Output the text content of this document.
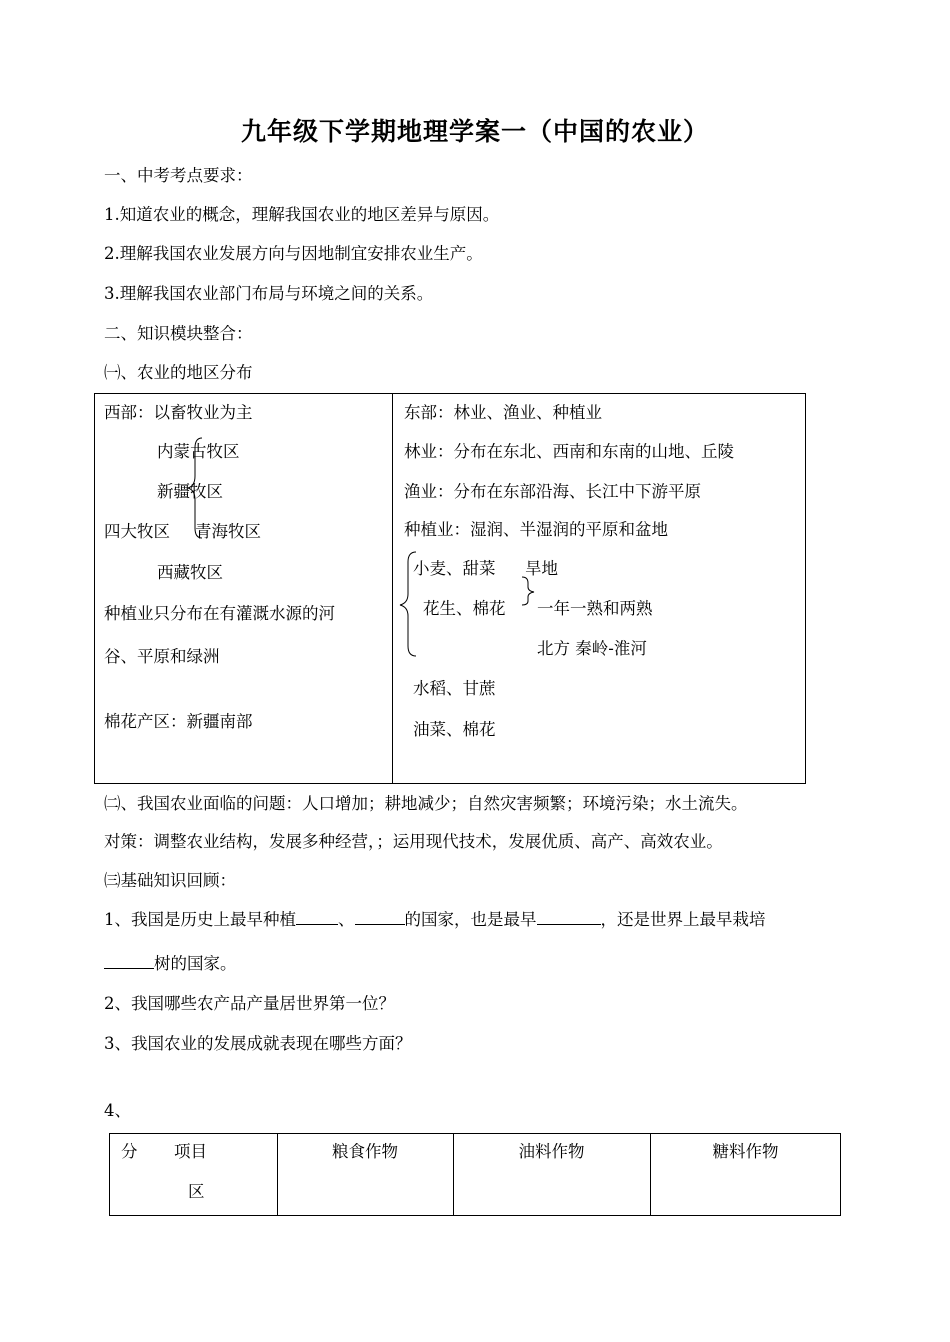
九年级下学期地理学案一（中国的农业）
一、中考考点要求：
1.知道农业的概念，理解我国农业的地区差异与原因。
2.理解我国农业发展方向与因地制宜安排农业生产。
3.理解我国农业部门布局与环境之间的关系。
二、知识模块整合：
㈠、农业的地区分布
西部：以畜牧业为主
内蒙古牧区
新疆牧区
四大牧区 青海牧区
西藏牧区
种植业只分布在有灌溉水源的河
谷、平原和绿洲
棉花产区：新疆南部
东部：林业、渔业、种植业
林业：分布在东北、西南和东南的山地、丘陵
渔业：分布在东部沿海、长江中下游平原
种植业：湿润、半湿润的平原和盆地
小麦、甜菜 旱地
花生、棉花 一年一熟和两熟
北方 秦岭-淮河
水稻、甘蔗
油菜、棉花
㈡、我国农业面临的问题：人口增加；耕地减少；自然灾害频繁；环境污染；水土流失。
对策：调整农业结构，发展多种经营，；运用现代技术，发展优质、高产、高效农业。
㈢基础知识回顾：
1、我国是历史上最早种植	、	的国家，也是最早	，还是世界上最早栽培
树的国家。
2、我国哪些农产品产量居世界第一位？
3、我国农业的发展成就表现在哪些方面？
4、
分 项目
区
粮食作物	油料作物	糖料作物
